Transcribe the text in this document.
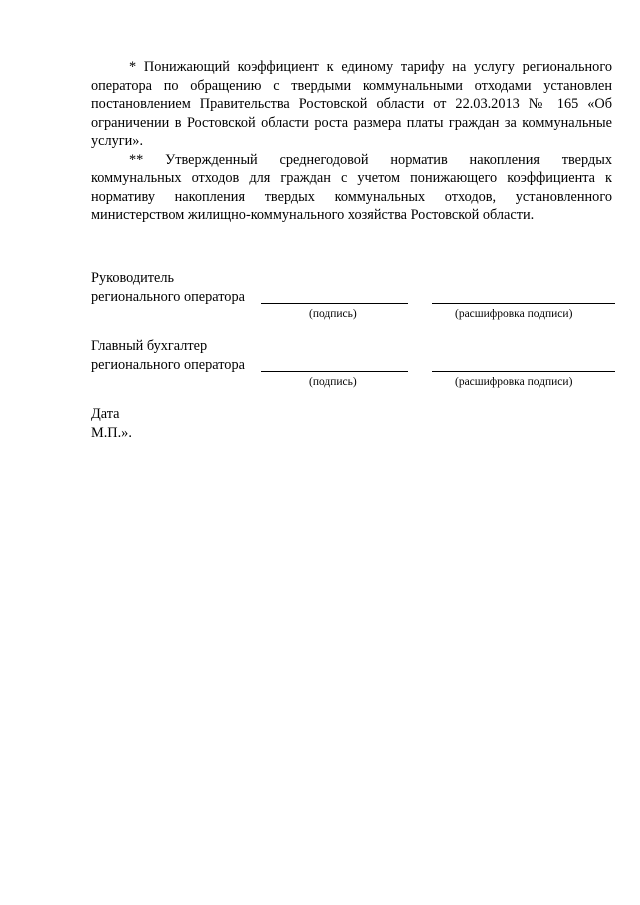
* Понижающий коэффициент к единому тарифу на услугу регионального оператора по обращению с твердыми коммунальными отходами установлен постановлением Правительства Ростовской области от 22.03.2013 № 165 «Об ограничении в Ростовской области роста размера платы граждан за коммунальные услуги».

** Утвержденный среднегодовой норматив накопления твердых коммунальных отходов для граждан с учетом понижающего коэффициента к нормативу накопления твердых коммунальных отходов, установленного министерством жилищно-коммунального хозяйства Ростовской области.

Руководитель
регионального оператора
(подпись)	(расшифровка подписи)
Главный бухгалтер
регионального оператора
(подпись)	(расшифровка подписи)
Дата
М.П.».
